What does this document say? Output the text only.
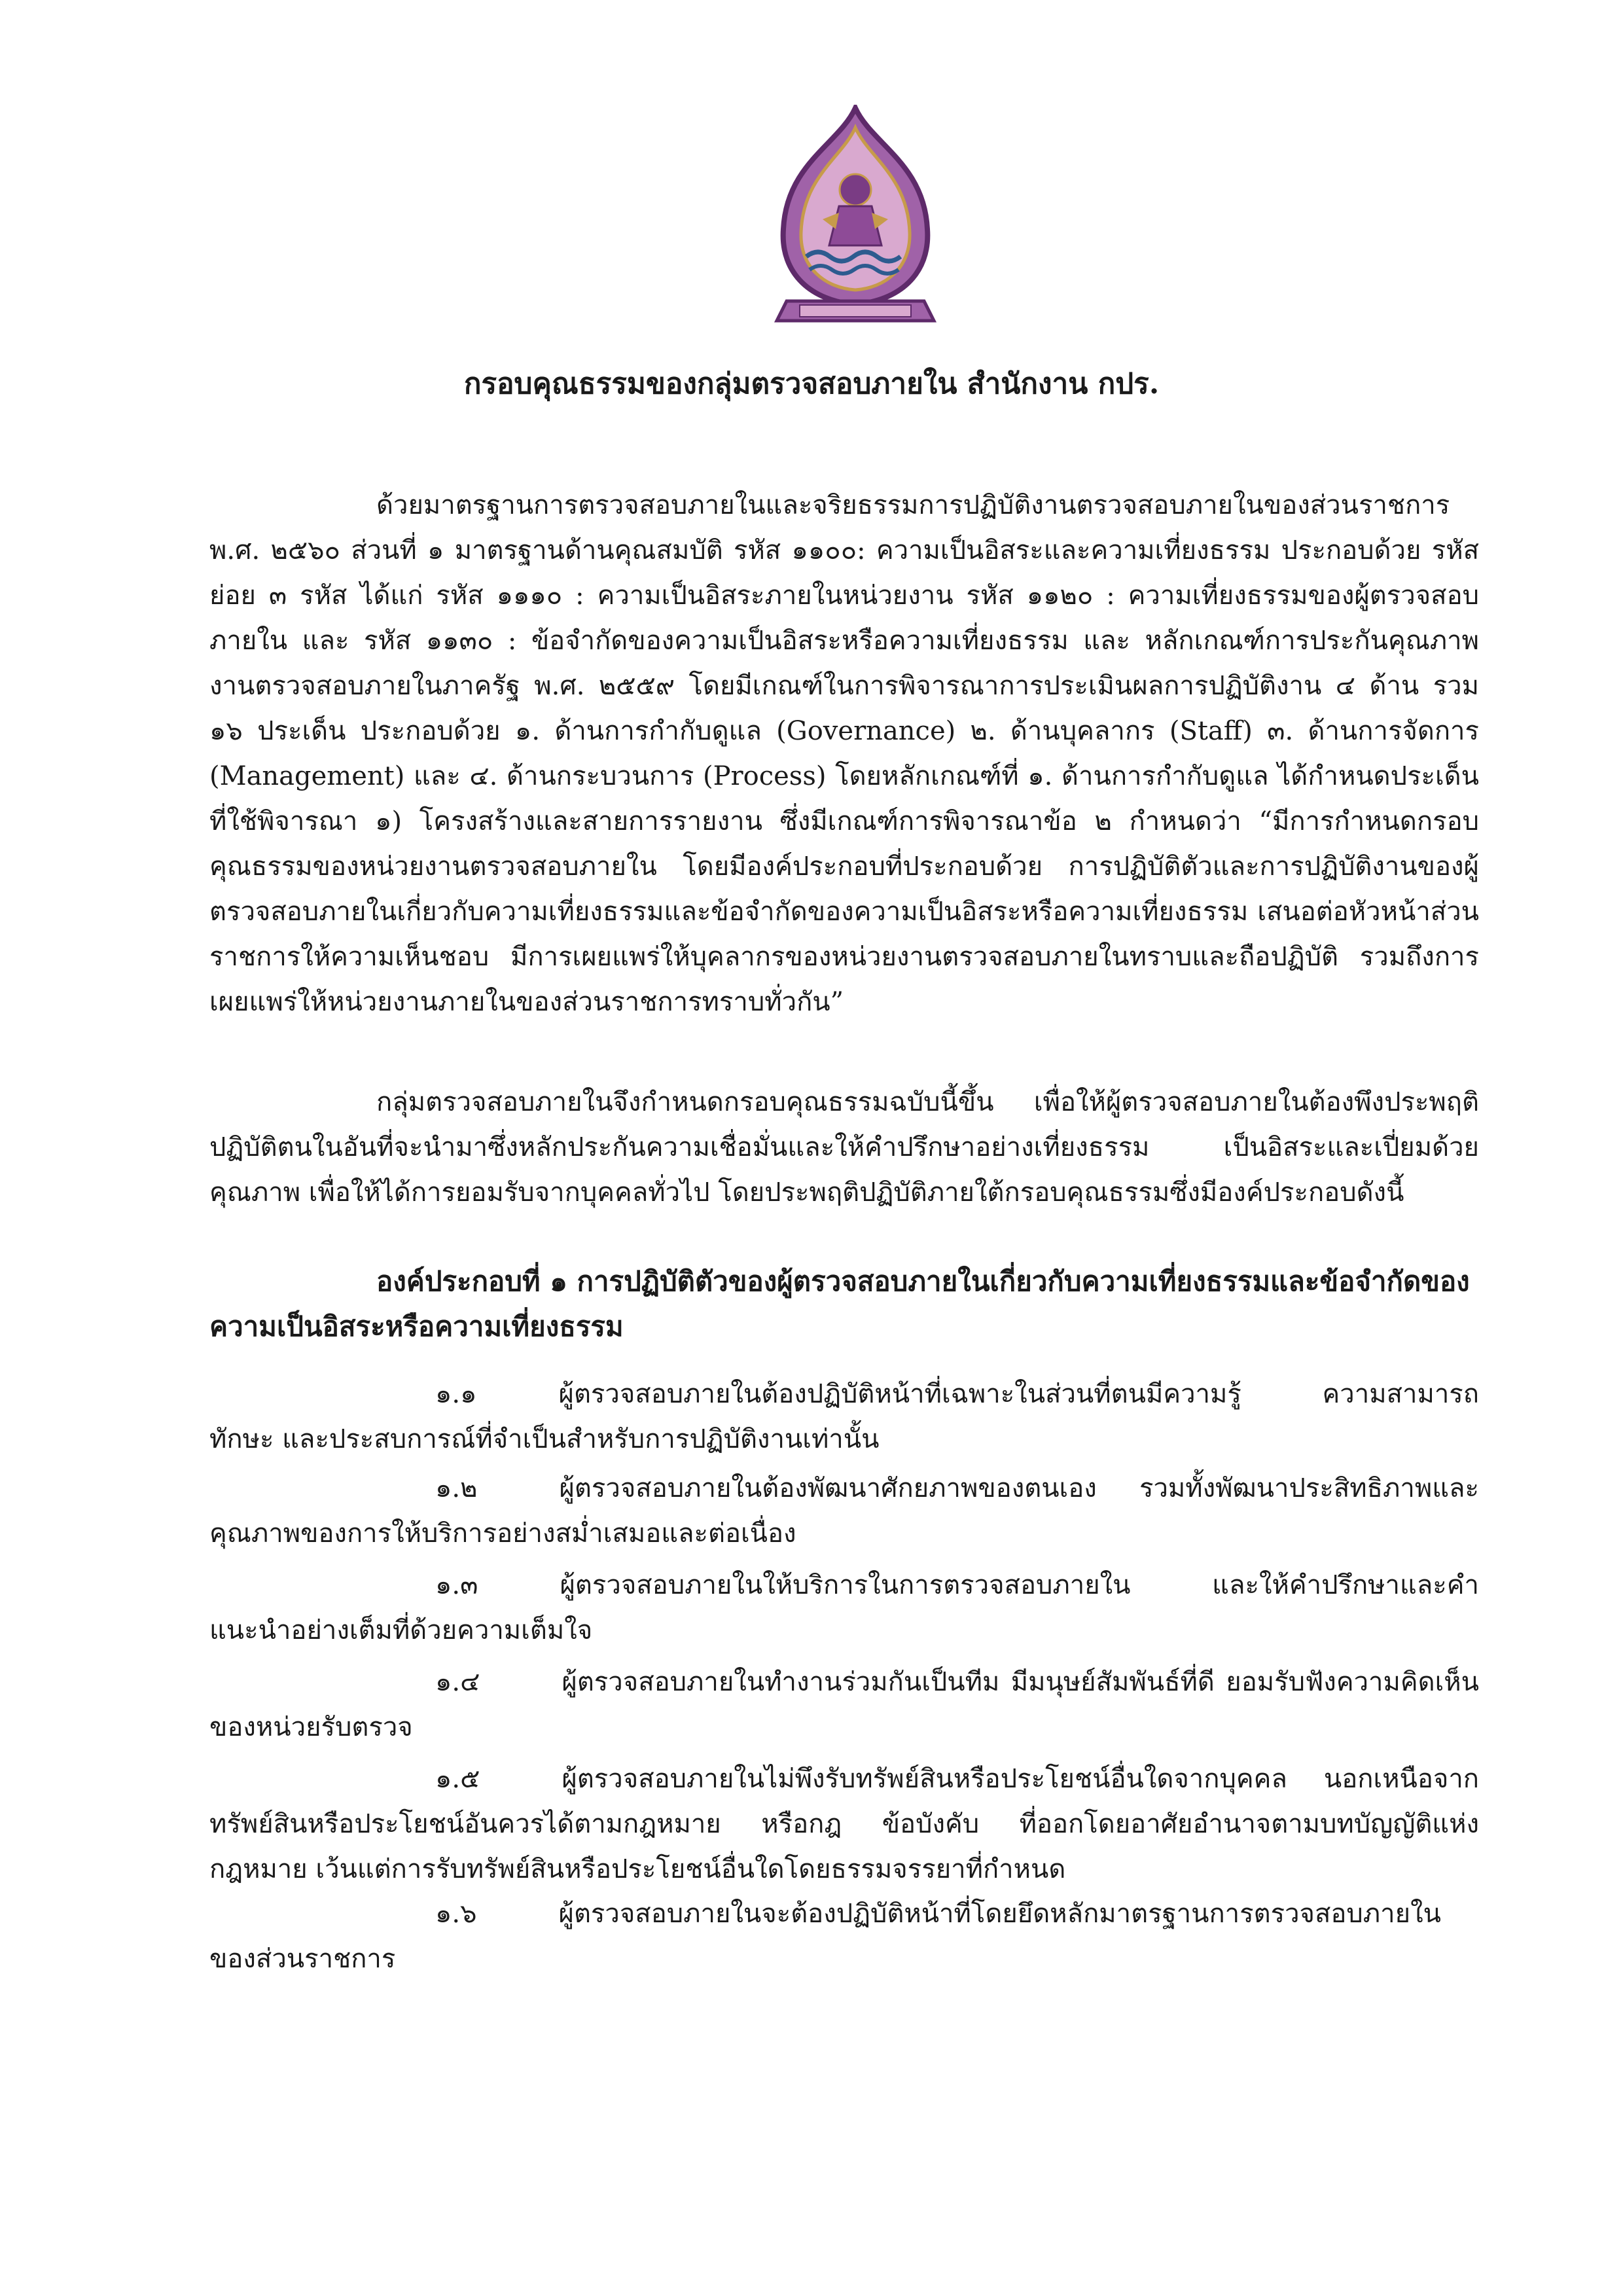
กรอบคุณธรรมของกลุ่มตรวจสอบภายใน สำนักงาน กปร.

ด้วยมาตรฐานการตรวจสอบภายในและจริยธรรมการปฏิบัติงานตรวจสอบภายในของส่วนราชการ พ.ศ. ๒๕๖๐ ส่วนที่ ๑ มาตรฐานด้านคุณสมบัติ รหัส ๑๑๐๐: ความเป็นอิสระและความเที่ยงธรรม ประกอบด้วย รหัสย่อย ๓ รหัส ได้แก่ รหัส ๑๑๑๐ : ความเป็นอิสระภายในหน่วยงาน รหัส ๑๑๒๐ : ความเที่ยงธรรมของผู้ตรวจสอบภายใน และ รหัส ๑๑๓๐ : ข้อจำกัดของความเป็นอิสระหรือความเที่ยงธรรม และ หลักเกณฑ์การประกันคุณภาพงานตรวจสอบภายในภาครัฐ พ.ศ. ๒๕๕๙ โดยมีเกณฑ์ในการพิจารณาการประเมินผลการปฏิบัติงาน ๔ ด้าน รวม ๑๖ ประเด็น ประกอบด้วย ๑. ด้านการกำกับดูแล (Governance) ๒. ด้านบุคลากร (Staff) ๓. ด้านการจัดการ (Management) และ ๔. ด้านกระบวนการ (Process) โดยหลักเกณฑ์ที่ ๑. ด้านการกำกับดูแล ได้กำหนดประเด็นที่ใช้พิจารณา ๑) โครงสร้างและสายการรายงาน ซึ่งมีเกณฑ์การพิจารณาข้อ ๒ กำหนดว่า “มีการกำหนดกรอบคุณธรรมของหน่วยงานตรวจสอบภายใน โดยมีองค์ประกอบที่ประกอบด้วย การปฏิบัติตัวและการปฏิบัติงานของผู้ตรวจสอบภายในเกี่ยวกับความเที่ยงธรรมและข้อจำกัดของความเป็นอิสระหรือความเที่ยงธรรม เสนอต่อหัวหน้าส่วนราชการให้ความเห็นชอบ มีการเผยแพร่ให้บุคลากรของหน่วยงานตรวจสอบภายในทราบและถือปฏิบัติ รวมถึงการเผยแพร่ให้หน่วยงานภายในของส่วนราชการทราบทั่วกัน”

กลุ่มตรวจสอบภายในจึงกำหนดกรอบคุณธรรมฉบับนี้ขึ้น เพื่อให้ผู้ตรวจสอบภายในต้องพึงประพฤติปฏิบัติตนในอันที่จะนำมาซึ่งหลักประกันความเชื่อมั่นและให้คำปรึกษาอย่างเที่ยงธรรม เป็นอิสระและเปี่ยมด้วยคุณภาพ เพื่อให้ได้การยอมรับจากบุคคลทั่วไป โดยประพฤติปฏิบัติภายใต้กรอบคุณธรรมซึ่งมีองค์ประกอบดังนี้

องค์ประกอบที่ ๑ การปฏิบัติตัวของผู้ตรวจสอบภายในเกี่ยวกับความเที่ยงธรรมและข้อจำกัดของความเป็นอิสระหรือความเที่ยงธรรม

๑.๑	ผู้ตรวจสอบภายในต้องปฏิบัติหน้าที่เฉพาะในส่วนที่ตนมีความรู้ ความสามารถ ทักษะ และประสบการณ์ที่จำเป็นสำหรับการปฏิบัติงานเท่านั้น

๑.๒	ผู้ตรวจสอบภายในต้องพัฒนาศักยภาพของตนเอง รวมทั้งพัฒนาประสิทธิภาพและคุณภาพของการให้บริการอย่างสม่ำเสมอและต่อเนื่อง

๑.๓	ผู้ตรวจสอบภายในให้บริการในการตรวจสอบภายใน และให้คำปรึกษาและคำแนะนำอย่างเต็มที่ด้วยความเต็มใจ

๑.๔	ผู้ตรวจสอบภายในทำงานร่วมกันเป็นทีม มีมนุษย์สัมพันธ์ที่ดี ยอมรับฟังความคิดเห็นของหน่วยรับตรวจ

๑.๕	ผู้ตรวจสอบภายในไม่พึงรับทรัพย์สินหรือประโยชน์อื่นใดจากบุคคล นอกเหนือจากทรัพย์สินหรือประโยชน์อันควรได้ตามกฎหมาย หรือกฎ ข้อบังคับ ที่ออกโดยอาศัยอำนาจตามบทบัญญัติแห่งกฎหมาย เว้นแต่การรับทรัพย์สินหรือประโยชน์อื่นใดโดยธรรมจรรยาที่กำหนด

๑.๖	ผู้ตรวจสอบภายในจะต้องปฏิบัติหน้าที่โดยยึดหลักมาตรฐานการตรวจสอบภายในของส่วนราชการ
